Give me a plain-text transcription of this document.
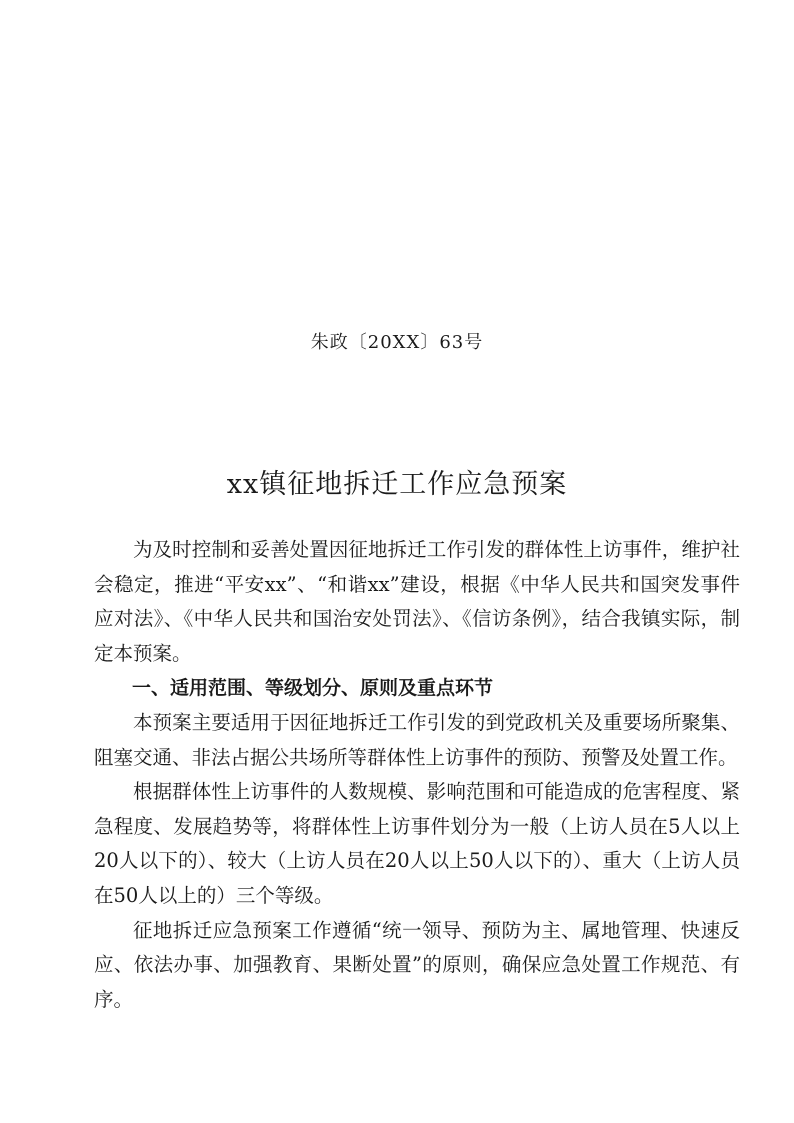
朱政〔20XX〕63号
xx镇征地拆迁工作应急预案

为及时控制和妥善处置因征地拆迁工作引发的群体性上访事件，维护社会稳定，推进“平安xx”、“和谐xx”建设，根据《中华人民共和国突发事件应对法》、《中华人民共和国治安处罚法》、《信访条例》，结合我镇实际，制定本预案。

一、适用范围、等级划分、原则及重点环节

本预案主要适用于因征地拆迁工作引发的到党政机关及重要场所聚集、阻塞交通、非法占据公共场所等群体性上访事件的预防、预警及处置工作。

根据群体性上访事件的人数规模、影响范围和可能造成的危害程度、紧急程度、发展趋势等，将群体性上访事件划分为一般（上访人员在5人以上20人以下的）、较大（上访人员在20人以上50人以下的）、重大（上访人员在50人以上的）三个等级。

征地拆迁应急预案工作遵循“统一领导、预防为主、属地管理、快速反应、依法办事、加强教育、果断处置”的原则，确保应急处置工作规范、有序。
